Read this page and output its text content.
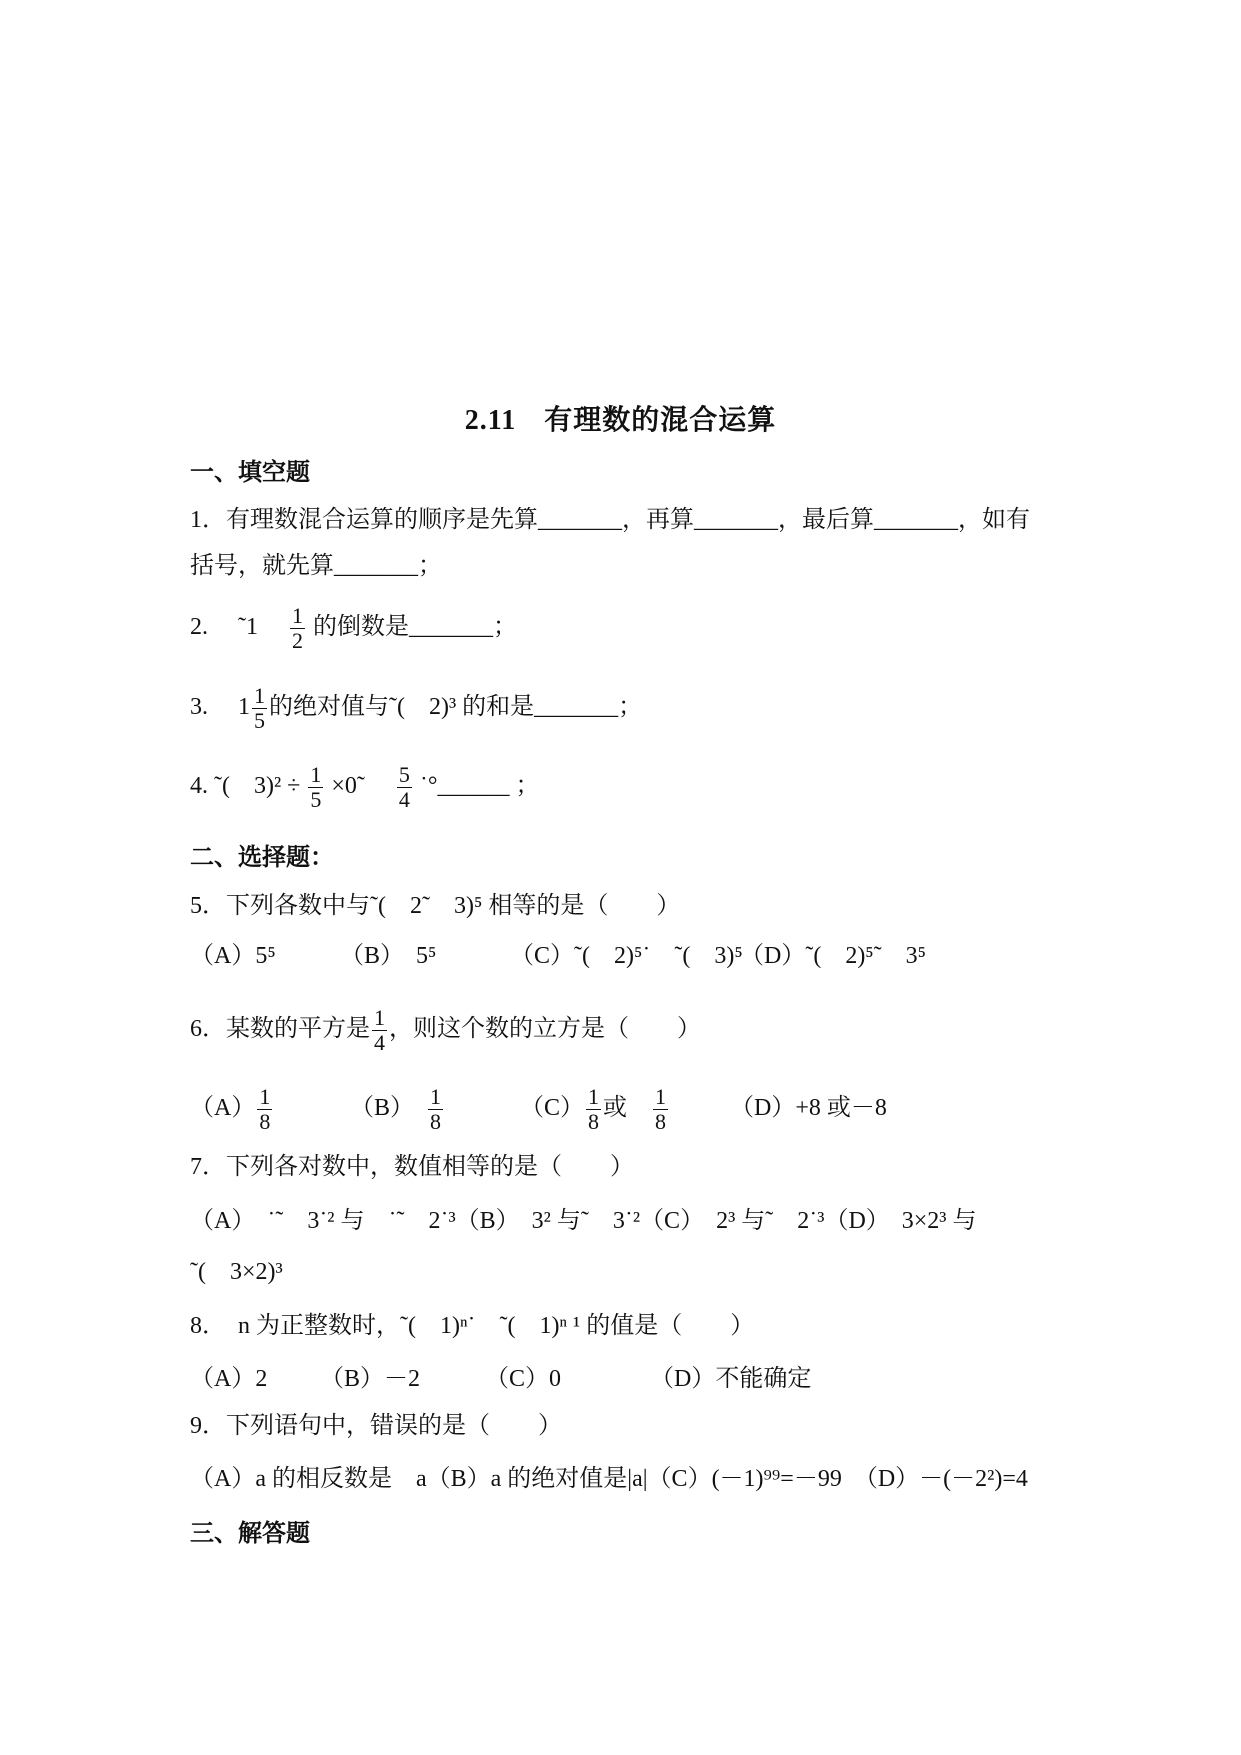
2.11 有理数的混合运算
一、填空题
1．有理数混合运算的顺序是先算_______，再算_______，最后算_______，如有
括号，就先算_______；
2.　 ˜1　 $\frac{1}{2}$ 的倒数是_______；
3.　 $1 \frac{1}{5}$ 的绝对值与˜(　2)³ 的和是_______；
4. ˜(　$3)^2 \div \frac{1}{5}$ ×0˜　 $\frac{5}{4}$ ˙°______ ；
二、选择题：
5．下列各数中与˜(　2˜　3)⁵ 相等的是（　　）
（A）5⁵	（B）　5⁵	（C）˜(　2)⁵˙　˜(　3)⁵（D）˜(　2)⁵˜　3⁵
6．某数的平方是 $\frac{1}{4}$ ，则这个数的立方是（　　）
$(A) \frac{1}{8}$	（B）　 $\frac{1}{8}$	$(C) \frac{1}{8}$ 或　 $\frac{1}{8}$	（D）+8 或－8
7．下列各对数中，数值相等的是（　　）
（A）　˙˜　3˙² 与　˙˜　2˙³（B）　3² 与˜　3˙²（C）　2³ 与˜　2˙³（D）　3×2³ 与
˜(　3×2)³
8．　n 为正整数时，˜(　1)ⁿ˙　˜(　1)ⁿ ¹ 的值是（　　）
（A）2 （B）－2	（C）0	（D）不能确定
9．下列语句中，错误的是（　　）
（A）a 的相反数是　a（B）a 的绝对值是|a|（C）(－1)⁹⁹=－99　（D）－(－2²)=4
三、解答题
